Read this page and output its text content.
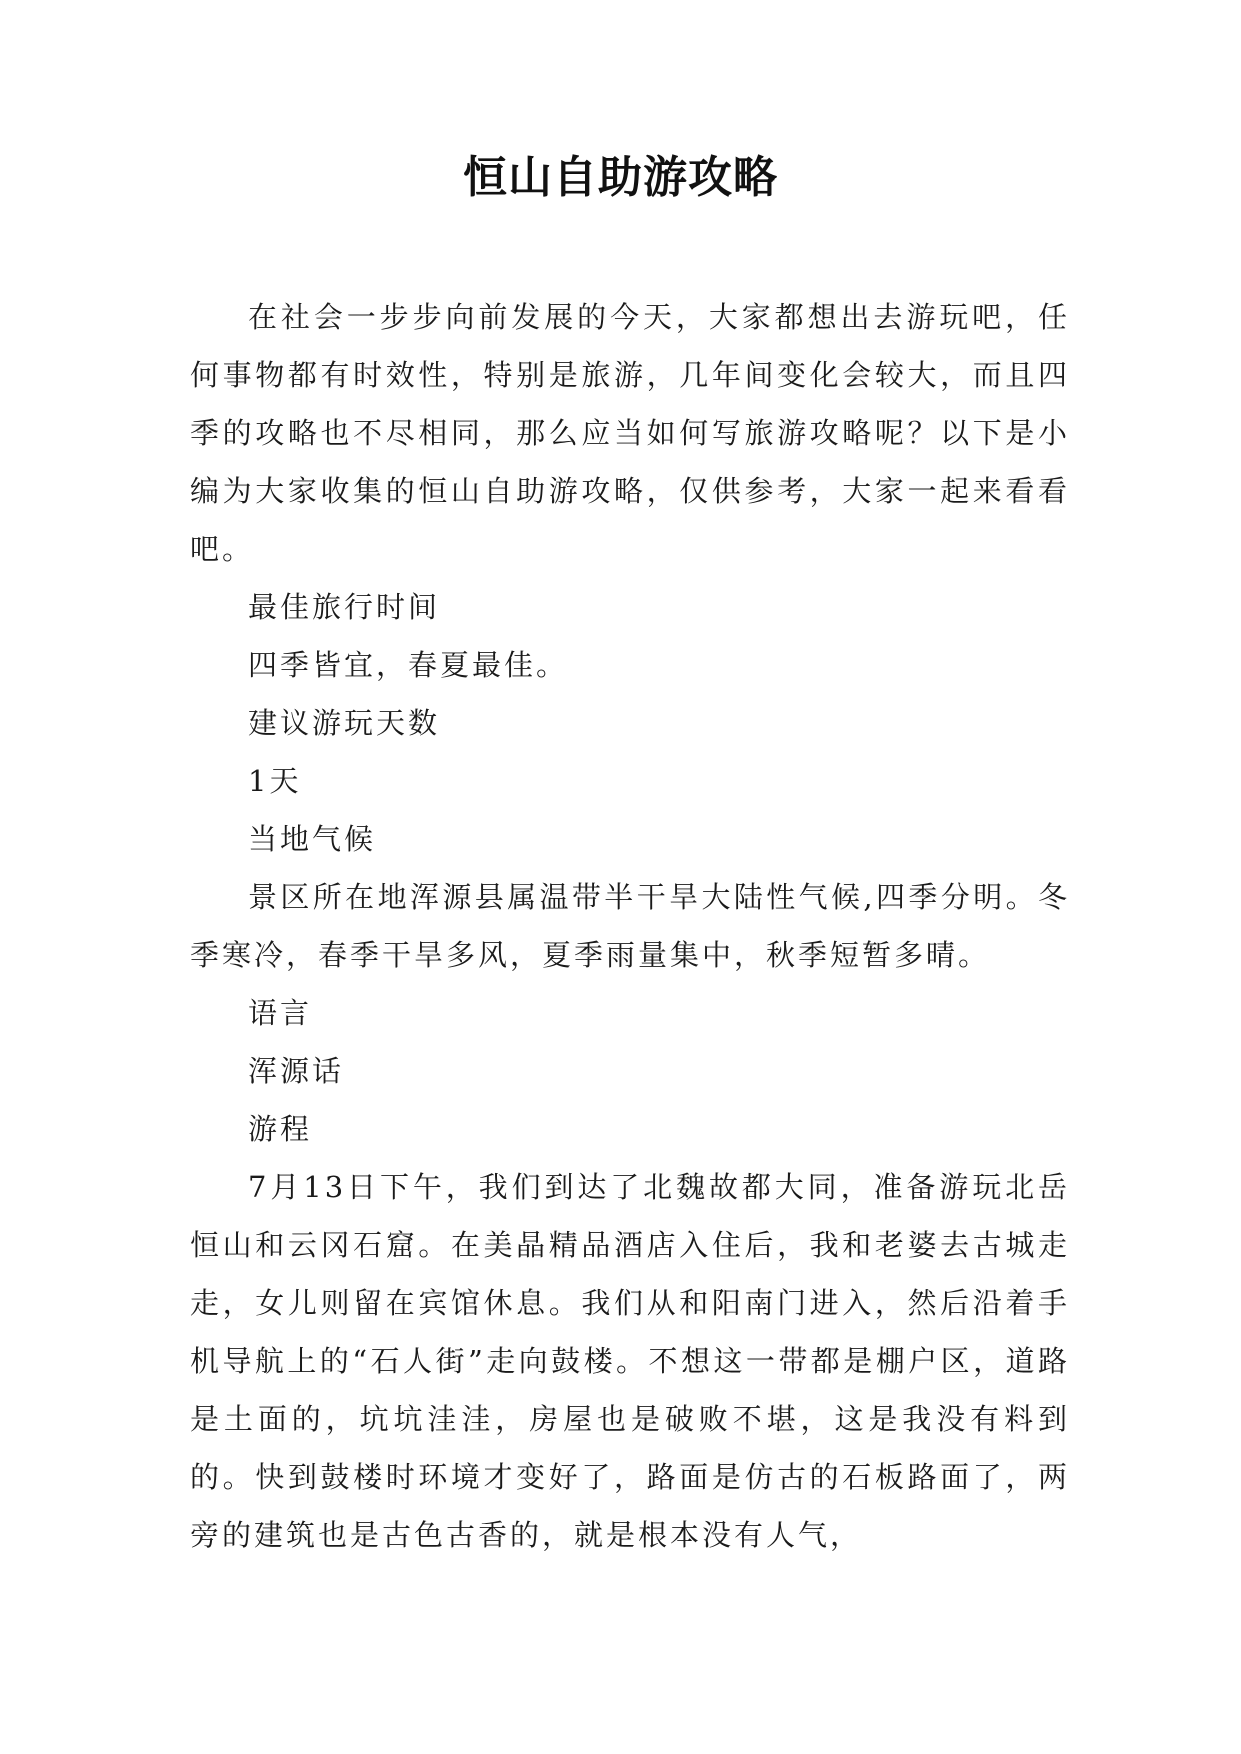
恒山自助游攻略

在社会一步步向前发展的今天，大家都想出去游玩吧，任何事物都有时效性，特别是旅游，几年间变化会较大，而且四季的攻略也不尽相同，那么应当如何写旅游攻略呢？以下是小编为大家收集的恒山自助游攻略，仅供参考，大家一起来看看吧。

最佳旅行时间

四季皆宜，春夏最佳。

建议游玩天数

1天

当地气候

景区所在地浑源县属温带半干旱大陆性气候,四季分明。冬季寒冷，春季干旱多风，夏季雨量集中，秋季短暂多晴。

语言

浑源话

游程

7月13日下午，我们到达了北魏故都大同，准备游玩北岳恒山和云冈石窟。在美晶精品酒店入住后，我和老婆去古城走走，女儿则留在宾馆休息。我们从和阳南门进入，然后沿着手机导航上的“石人街”走向鼓楼。不想这一带都是棚户区，道路是土面的，坑坑洼洼，房屋也是破败不堪，这是我没有料到的。快到鼓楼时环境才变好了，路面是仿古的石板路面了，两旁的建筑也是古色古香的，就是根本没有人气，
